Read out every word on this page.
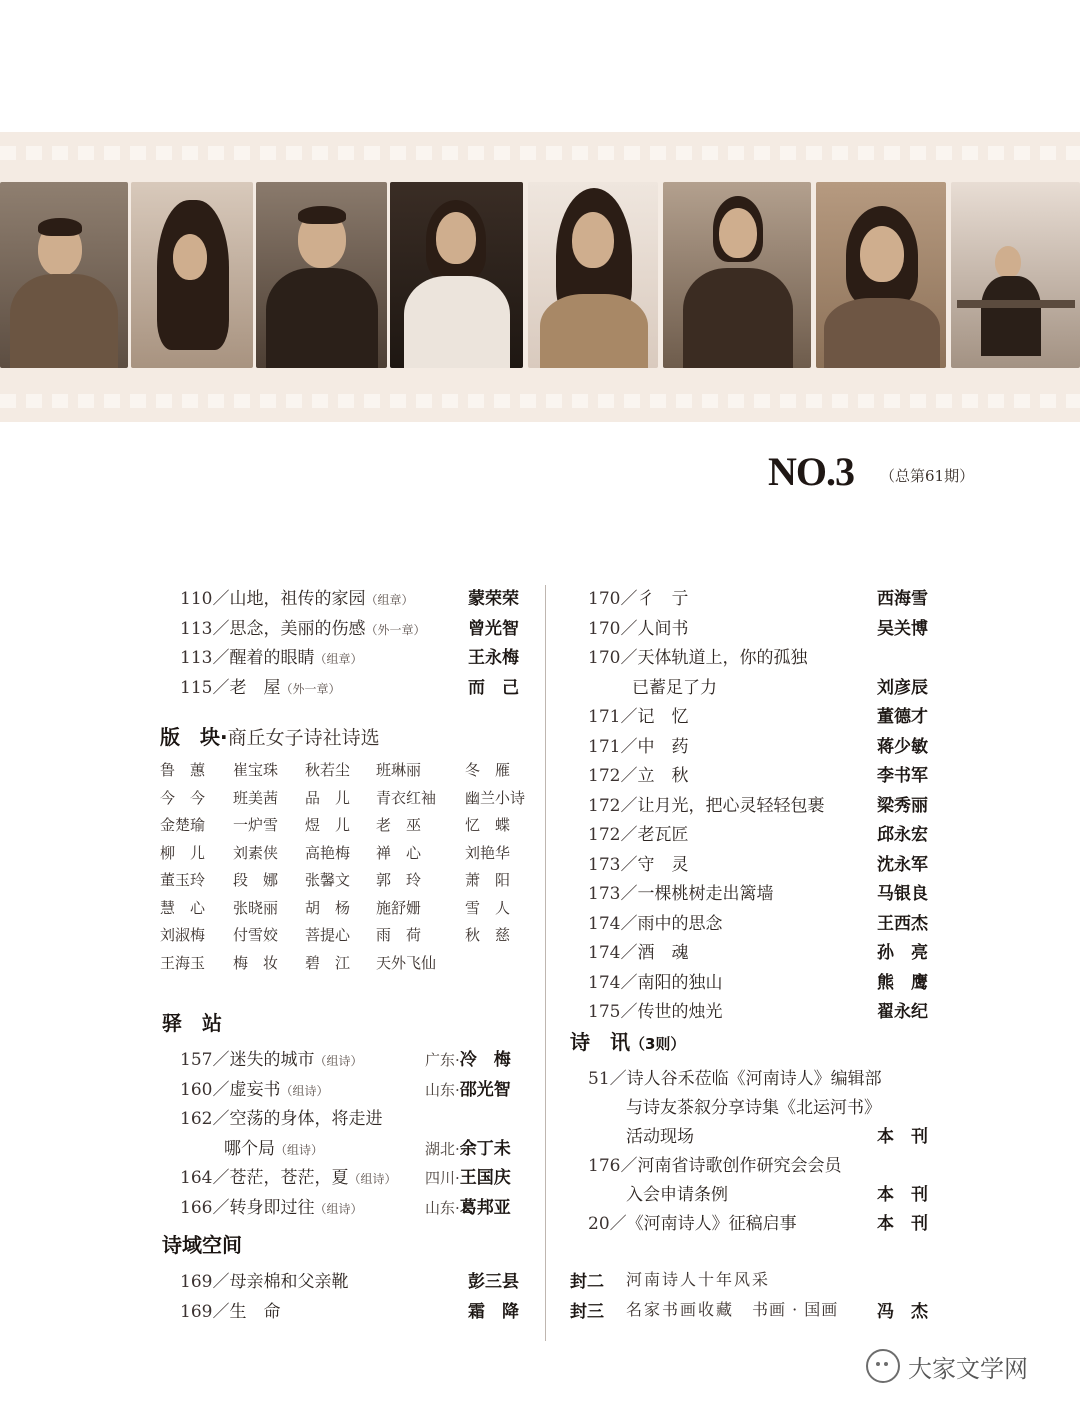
NO.3 （总第61期）
110／山地，祖传的家园（组章）	蒙荣荣
113／思念，美丽的伤感（外一章）	曾光智
113／醒着的眼睛（组章）	王永梅
115／老　屋（外一章）	而　己
版　块·商丘女子诗社诗选
鲁　蕙 崔宝珠 秋若尘 班琳丽	冬　雁
今　今 班美茜 品　儿 青衣红袖 幽兰小诗
金楚瑜 一炉雪 煜　儿 老　巫	忆　蝶
柳　儿 刘素侠 高艳梅 禅　心	刘艳华
董玉玲 段　娜 张馨文 郭　玲	萧　阳
慧　心 张晓丽 胡　杨 施舒姗	雪　人
刘淑梅 付雪姣 菩提心 雨　荷	秋　慈
王海玉 梅　妆 碧　江 天外飞仙
驿　站
157／迷失的城市（组诗）	广东·冷　梅
160／虚妄书（组诗）	山东·邵光智
162／空荡的身体，将走进
哪个局（组诗）	湖北·余丁未
164／苍茫，苍茫，夏（组诗） 四川·王国庆
166／转身即过往（组诗）	山东·葛邦亚
诗域空间
169／母亲棉和父亲靴	彭三县
169／生　命	霜　降
170／彳　亍	西海雪
170／人间书	吴关博
170／天体轨道上，你的孤独
已蓄足了力	刘彦辰
171／记　忆	董德才
171／中　药	蒋少敏
172／立　秋	李书军
172／让月光，把心灵轻轻包裹	梁秀丽
172／老瓦匠	邱永宏
173／守　灵	沈永军
173／一棵桃树走出篱墙	马银良
174／雨中的思念	王西杰
174／酒　魂	孙　亮
174／南阳的独山	熊　鹰
175／传世的烛光	翟永纪
诗　讯（3则）
51／诗人谷禾莅临《河南诗人》编辑部
与诗友茶叙分享诗集《北运河书》
活动现场	本　刊
176／河南省诗歌创作研究会会员
入会申请条例	本　刊
20／《河南诗人》征稿启事	本　刊
封二 河南诗人十年风采
封三 名家书画收藏 书画 · 国画 冯　杰
大家文学网
